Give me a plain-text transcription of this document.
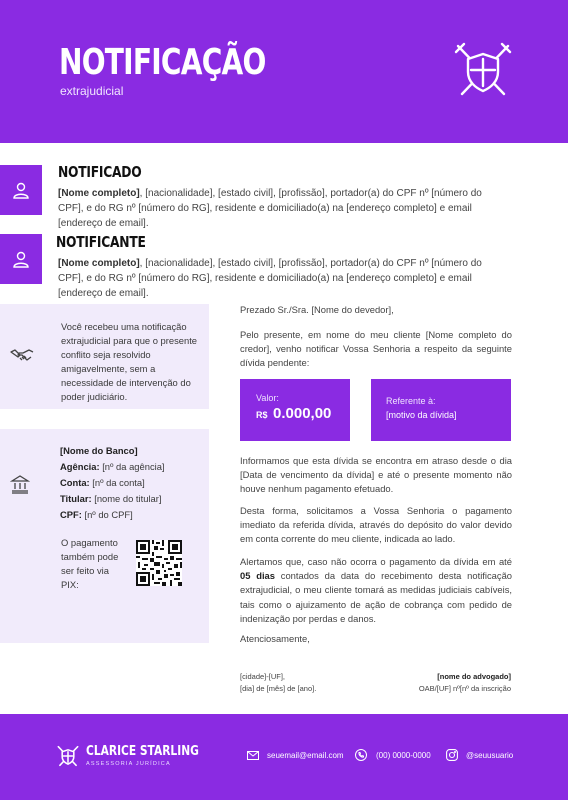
NOTIFICAÇÃO
extrajudicial
NOTIFICADO
[Nome completo], [nacionalidade], [estado civil], [profissão], portador(a) do CPF nº [número do CPF], e do RG nº [número do RG], residente e domiciliado(a) na [endereço completo] e email [endereço de email].
NOTIFICANTE
[Nome completo], [nacionalidade], [estado civil], [profissão], portador(a) do CPF nº [número do CPF], e do RG nº [número do RG], residente e domiciliado(a) na [endereço completo] e email [endereço de email].
Você recebeu uma notificação extrajudicial para que o presente conflito seja resolvido amigavelmente, sem a necessidade de intervenção do poder judiciário.
[Nome do Banco]
Agência: [nº da agência]
Conta: [nº da conta]
Titular: [nome do titular]
CPF: [nº do CPF]
O pagamento também pode ser feito via PIX:
Prezado Sr./Sra. [Nome do devedor],
Pelo presente, em nome do meu cliente [Nome completo do credor], venho notificar Vossa Senhoria a respeito da seguinte dívida pendente:
Valor:
R$ 0.000,00
Referente à:
[motivo da dívida]
Informamos que esta dívida se encontra em atraso desde o dia [Data de vencimento da dívida] e até o presente momento não houve nenhum pagamento efetuado.
Desta forma, solicitamos a Vossa Senhoria o pagamento imediato da referida dívida, através do depósito do valor devido em conta corrente do meu cliente, indicada ao lado.
Alertamos que, caso não ocorra o pagamento da dívida em até 05 dias contados da data do recebimento desta notificação extrajudicial, o meu cliente tomará as medidas judiciais cabíveis, tais como o ajuizamento de ação de cobrança com pedido de indenização por perdas e danos.
Atenciosamente,
[cidade]-[UF],
[dia] de [mês] de [ano].
[nome do advogado]
OAB/[UF] nº[nº da inscrição
CLARICE STARLING
ASSESSORIA JURÍDICA
seuemail@email.com	(00) 0000-0000	@seuusuario
